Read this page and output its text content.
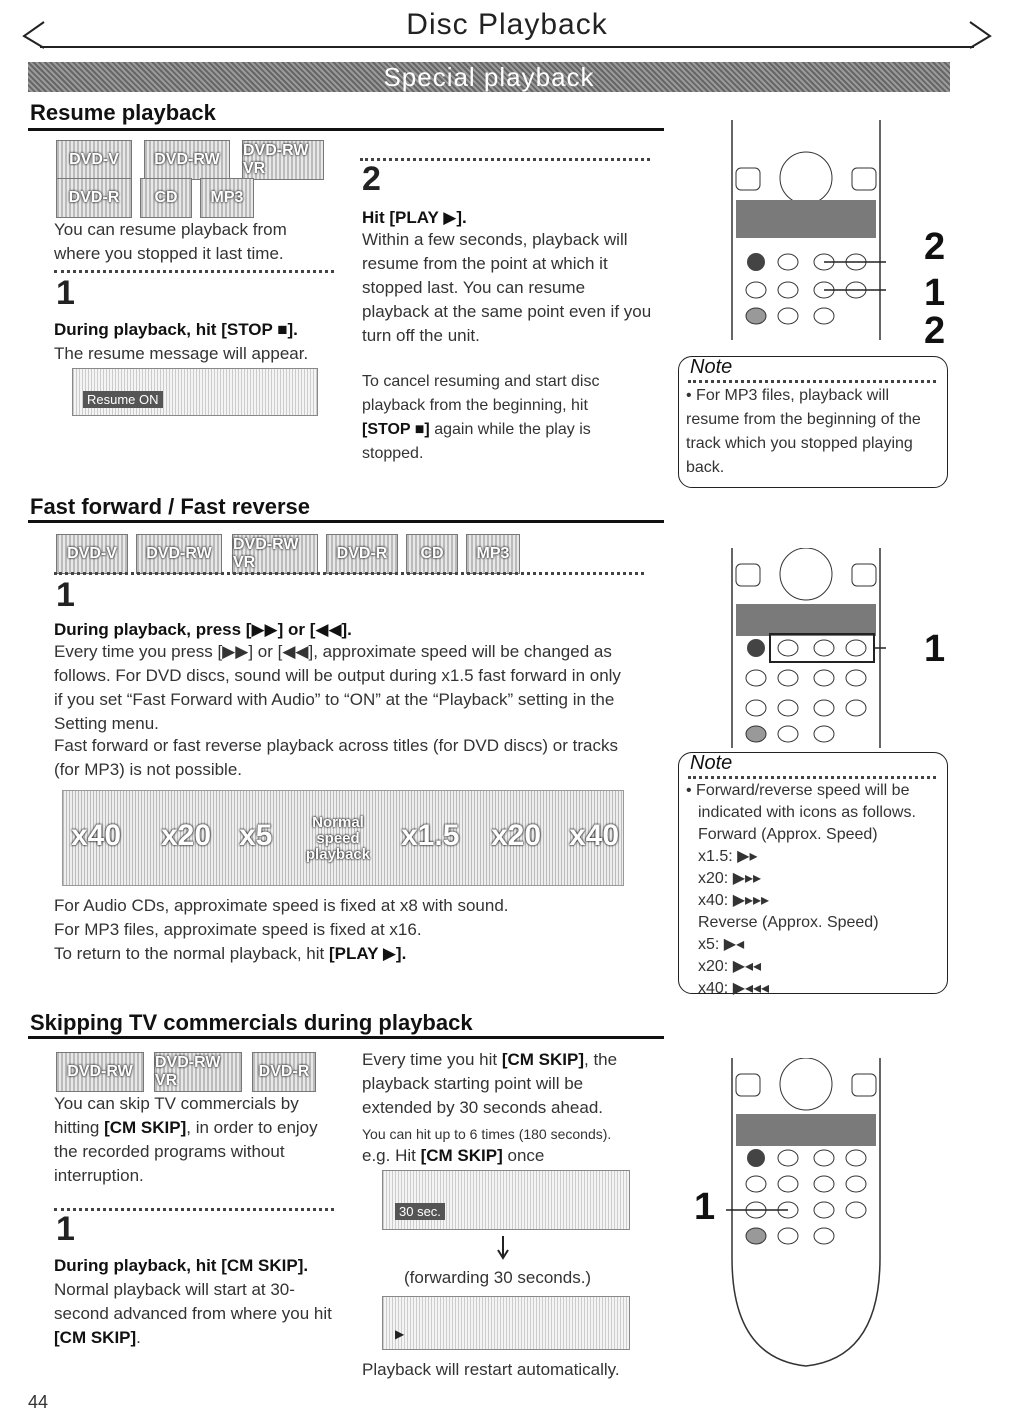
Disc Playback
Special playback
Resume playback
DVD-V	DVD-RW
DVD-RW VR
DVD-R	CD	MP3
You can resume playback from where you stopped it last time.
1
During playback, hit [STOP ■].
The resume message will appear.
Resume ON
2
Hit [PLAY ▶].
Within a few seconds, playback will resume from the point at which it stopped last. You can resume playback at the same point even if you turn off the unit.
To cancel resuming and start disc playback from the beginning, hit [STOP ■] again while the play is stopped.
2
1
2
Note
• For MP3 files, playback will resume from the beginning of the track which you stopped playing back.
Fast forward / Fast reverse
DVD-V	DVD-RW
DVD-RW VR
DVD-R	CD	MP3
1
During playback, press [▶▶] or [◀◀].
Every time you press [▶▶] or [◀◀], approximate speed will be changed as follows. For DVD discs, sound will be output during x1.5 fast forward in only if you set “Fast Forward with Audio” to “ON” at the “Playback” setting in the Setting menu.
Fast forward or fast reverse playback across titles (for DVD discs) or tracks (for MP3) is not possible.
x40 x20 x5	Normal speed playback
x1.5 x20 x40
For Audio CDs, approximate speed is fixed at x8 with sound.
For MP3 files, approximate speed is fixed at x16.
To return to the normal playback, hit [PLAY ▶].
1
Note
• Forward/reverse speed will be
indicated with icons as follows.
Forward (Approx. Speed)
x1.5: ▶▸
x20: ▶▸▸
x40: ▶▸▸▸
Reverse (Approx. Speed)
x5: ▶◂
x20: ▶◂◂
x40: ▶◂◂◂
Skipping TV commercials during playback
DVD-RW
DVD-RW VR
DVD-R
You can skip TV commercials by hitting [CM SKIP], in order to enjoy the recorded programs without interruption.
1
During playback, hit [CM SKIP].
Normal playback will start at 30-second advanced from where you hit [CM SKIP].
Every time you hit [CM SKIP], the playback starting point will be extended by 30 seconds ahead.
You can hit up to 6 times (180 seconds).
e.g. Hit [CM SKIP] once
30 sec.
(forwarding 30 seconds.)
▶
Playback will restart automatically.
1
44
